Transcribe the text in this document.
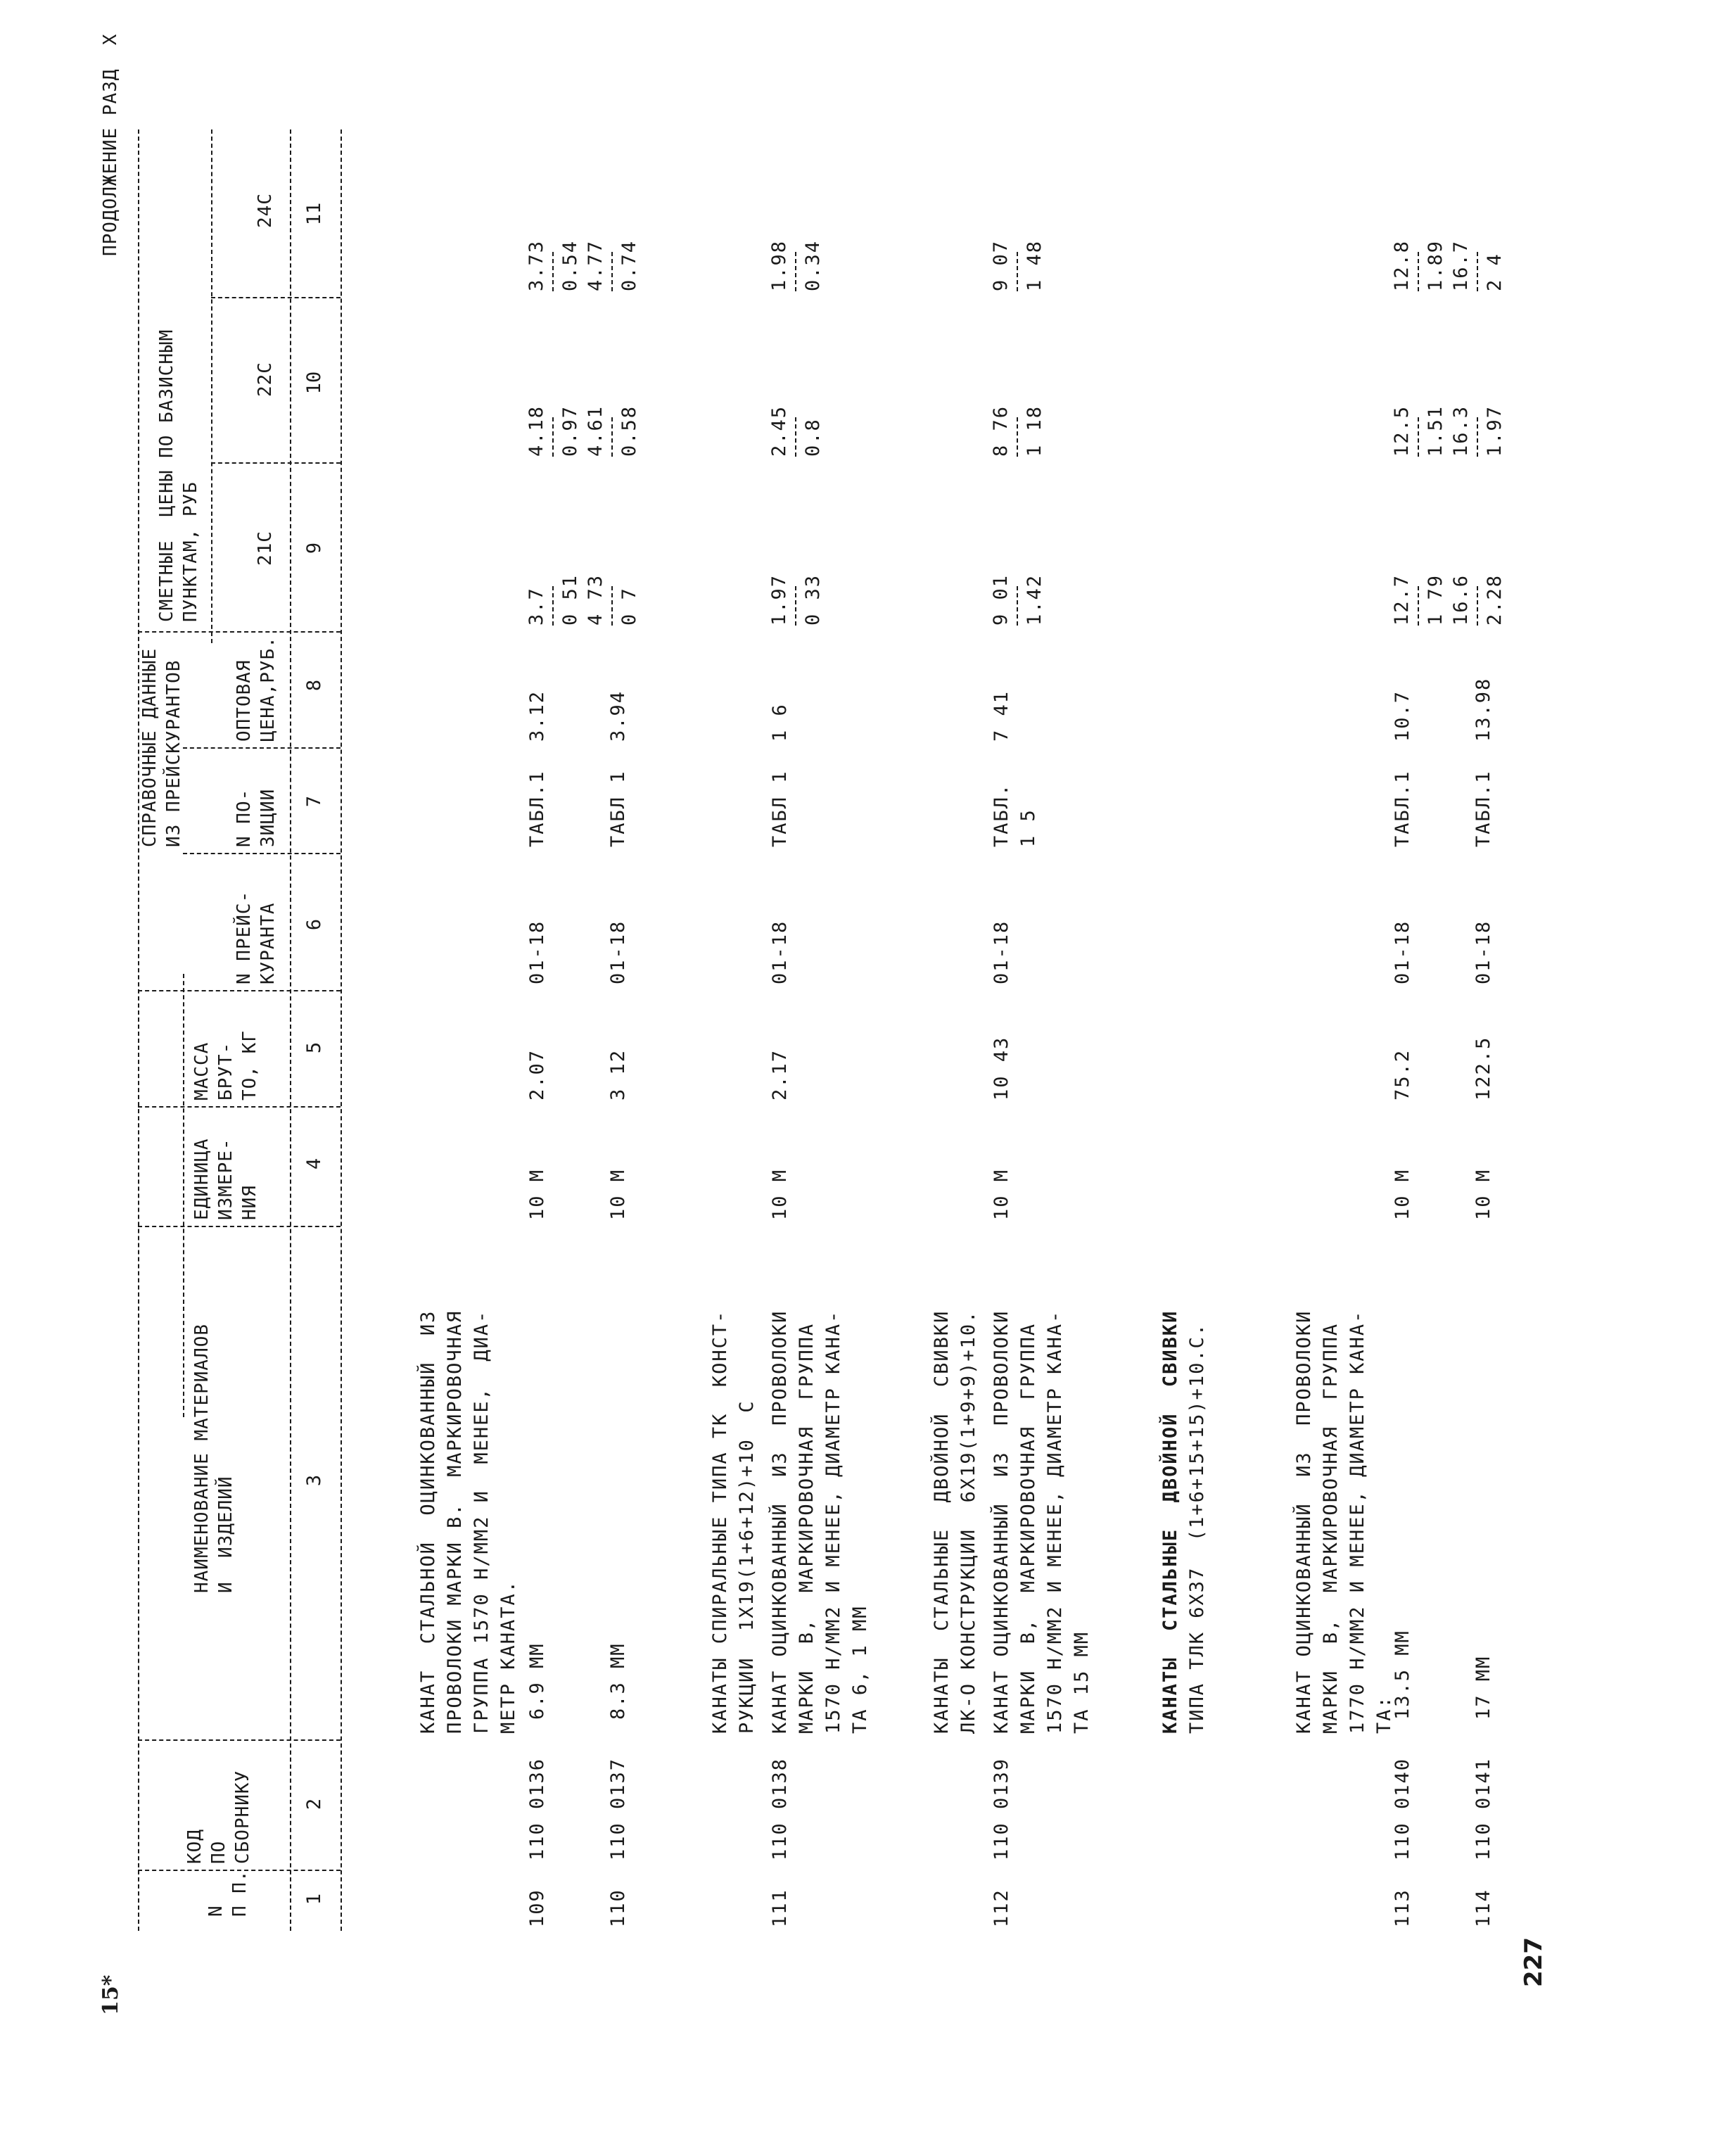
ПРОДОЛЖЕНИЕ РАЗД  X
N
П П.
КОД
ПО
СБОРНИКУ
НАИМЕНОВАНИЕ МАТЕРИАЛОВ
И  ИЗДЕЛИЙ
ЕДИНИЦА
ИЗМЕРЕ-
НИЯ
МАССА
БРУТ-
ТО, КГ
СПРАВОЧНЫЕ ДАННЫЕ
ИЗ ПРЕЙСКУРАНТОВ
N ПРЕЙС-
КУРАНТА
N ПО-
ЗИЦИИ
ОПТОВАЯ
ЦЕНА,РУБ.
СМЕТНЫЕ  ЦЕНЫ ПО БАЗИСНЫМ
ПУНКТАМ, РУБ
21С
22С
24С
1
2
3
4
5
6
7
8
9
10
11
КАНАТ  СТАЛЬНОЙ  ОЦИНКОВАННЫЙ  ИЗ
ПРОВОЛОКИ МАРКИ В.  МАРКИРОВОЧНАЯ
ГРУППА 1570 Н/ММ2 И  МЕНЕЕ,  ДИА-
МЕТР КАНАТА.
109
110 0136
6.9 ММ
10 М
2.07
01-18
ТАБЛ.1
3.12
3.7 0 51 4 73 0 7
4.18 0.97 4.61 0.58
3.73 0.54 4.77 0.74
110
110 0137
8.3 ММ
10 М
3 12
01-18
ТАБЛ 1
3.94
КАНАТЫ СПИРАЛЬНЫЕ ТИПА ТК  КОНСТ-
РУКЦИИ  1Х19(1+6+12)+10  С
111
110 0138
КАНАТ ОЦИНКОВАННЫЙ  ИЗ  ПРОВОЛОКИ
МАРКИ  В,  МАРКИРОВОЧНАЯ  ГРУППА
1570 Н/ММ2 И МЕНЕЕ, ДИАМЕТР КАНА-
ТА 6, 1 ММ
10 М
2.17
01-18
ТАБЛ 1
1 6
1.97 0 33
2.45 0.8
1.98 0.34
КАНАТЫ  СТАЛЬНЫЕ  ДВОЙНОЙ  СВИВКИ
ЛК-О КОНСТРУКЦИИ  6Х19(1+9+9)+10.
112
110 0139
КАНАТ ОЦИНКОВАННЫЙ  ИЗ  ПРОВОЛОКИ
МАРКИ  В,  МАРКИРОВОЧНАЯ  ГРУППА
1570 Н/ММ2 И МЕНЕЕ, ДИАМЕТР КАНА-
ТА 15 ММ
10 М
10 43
01-18
ТАБЛ.
1 5
7 41
9 01 1.42
8 76 1 18
9 07 1 48
КАНАТЫ  СТАЛЬНЫЕ  ДВОЙНОЙ  СВИВКИ ТИПА ТЛК 6Х37  (1+6+15+15)+10.С.	КАНАТ ОЦИНКОВАННЫЙ  ИЗ  ПРОВОЛОКИ
МАРКИ  В,  МАРКИРОВОЧНАЯ  ГРУППА
1770 Н/ММ2 И МЕНЕЕ, ДИАМЕТР КАНА-
ТА:
113
110 0140
13.5 ММ
10 М
75.2
01-18
ТАБЛ.1
10.7
12.7 1 79 16.6 2.28
12.5 1.51 16.3 1.97
12.8 1.89 16.7 2 4
114
110 0141
17 ММ
10 М
122.5
01-18
ТАБЛ.1
13.98
227
15*
